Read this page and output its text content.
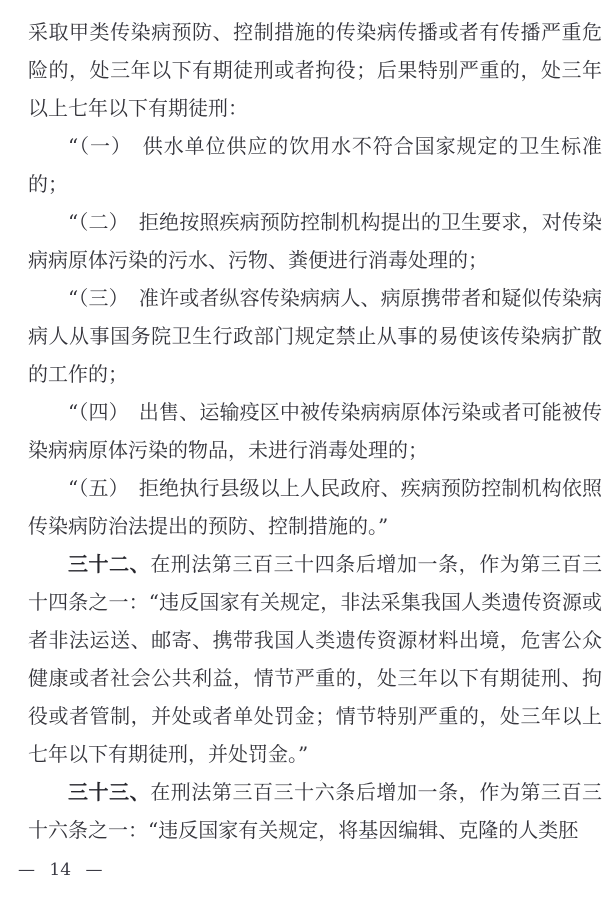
采取甲类传染病预防、控制措施的传染病传播或者有传播严重危险的，处三年以下有期徒刑或者拘役；后果特别严重的，处三年以上七年以下有期徒刑：

“（一）　供水单位供应的饮用水不符合国家规定的卫生标准的；

“（二）　拒绝按照疾病预防控制机构提出的卫生要求，对传染病病原体污染的污水、污物、粪便进行消毒处理的；

“（三）　准许或者纵容传染病病人、病原携带者和疑似传染病病人从事国务院卫生行政部门规定禁止从事的易使该传染病扩散的工作的；

“（四）　出售、运输疫区中被传染病病原体污染或者可能被传染病病原体污染的物品，未进行消毒处理的；

“（五）　拒绝执行县级以上人民政府、疾病预防控制机构依照传染病防治法提出的预防、控制措施的。”

三十二、在刑法第三百三十四条后增加一条，作为第三百三十四条之一：“违反国家有关规定，非法采集我国人类遗传资源或者非法运送、邮寄、携带我国人类遗传资源材料出境，危害公众健康或者社会公共利益，情节严重的，处三年以下有期徒刑、拘役或者管制，并处或者单处罚金；情节特别严重的，处三年以上七年以下有期徒刑，并处罚金。”

三十三、在刑法第三百三十六条后增加一条，作为第三百三十六条之一：“违反国家有关规定，将基因编辑、克隆的人类胚

— 14 —
